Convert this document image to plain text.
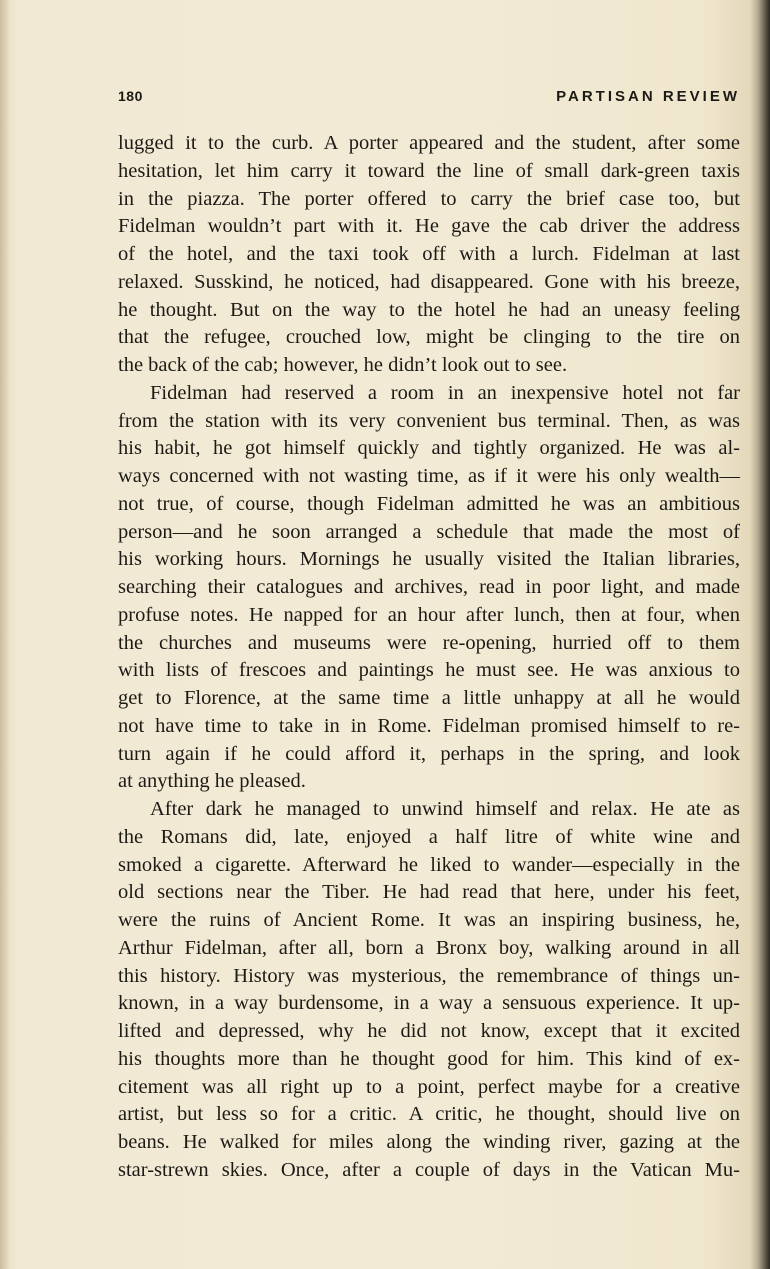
180	PARTISAN REVIEW
lugged it to the curb. A porter appeared and the student, after some
hesitation, let him carry it toward the line of small dark-green taxis
in the piazza. The porter offered to carry the brief case too, but
Fidelman wouldn’t part with it. He gave the cab driver the address
of the hotel, and the taxi took off with a lurch. Fidelman at last
relaxed. Susskind, he noticed, had disappeared. Gone with his breeze,
he thought. But on the way to the hotel he had an uneasy feeling
that the refugee, crouched low, might be clinging to the tire on
the back of the cab; however, he didn’t look out to see.
Fidelman had reserved a room in an inexpensive hotel not far
from the station with its very convenient bus terminal. Then, as was
his habit, he got himself quickly and tightly organized. He was al-
ways concerned with not wasting time, as if it were his only wealth—
not true, of course, though Fidelman admitted he was an ambitious
person—and he soon arranged a schedule that made the most of
his working hours. Mornings he usually visited the Italian libraries,
searching their catalogues and archives, read in poor light, and made
profuse notes. He napped for an hour after lunch, then at four, when
the churches and museums were re-opening, hurried off to them
with lists of frescoes and paintings he must see. He was anxious to
get to Florence, at the same time a little unhappy at all he would
not have time to take in in Rome. Fidelman promised himself to re-
turn again if he could afford it, perhaps in the spring, and look
at anything he pleased.
After dark he managed to unwind himself and relax. He ate as
the Romans did, late, enjoyed a half litre of white wine and
smoked a cigarette. Afterward he liked to wander—especially in the
old sections near the Tiber. He had read that here, under his feet,
were the ruins of Ancient Rome. It was an inspiring business, he,
Arthur Fidelman, after all, born a Bronx boy, walking around in all
this history. History was mysterious, the remembrance of things un-
known, in a way burdensome, in a way a sensuous experience. It up-
lifted and depressed, why he did not know, except that it excited
his thoughts more than he thought good for him. This kind of ex-
citement was all right up to a point, perfect maybe for a creative
artist, but less so for a critic. A critic, he thought, should live on
beans. He walked for miles along the winding river, gazing at the
star-strewn skies. Once, after a couple of days in the Vatican Mu-
